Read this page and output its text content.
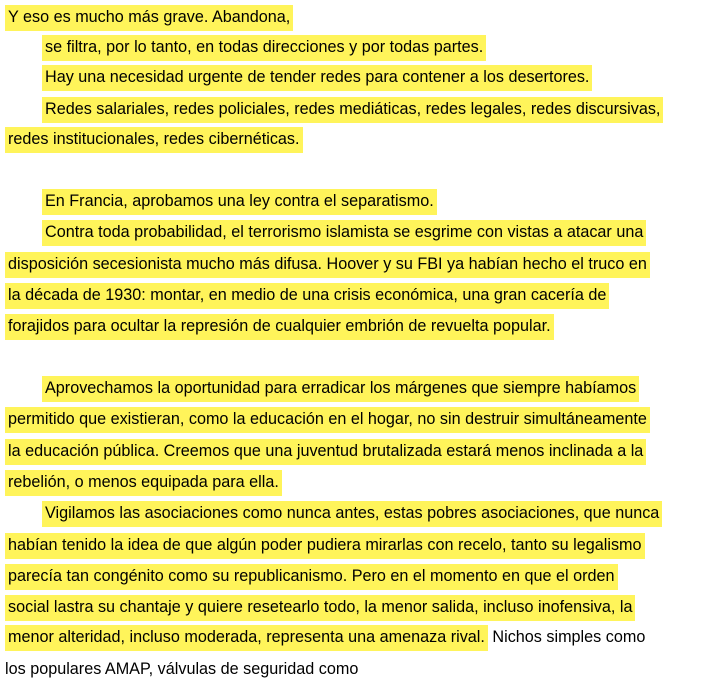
Y eso es mucho más grave. Abandona,
se filtra, por lo tanto, en todas direcciones y por todas partes.
Hay una necesidad urgente de tender redes para contener a los desertores.
Redes salariales, redes policiales, redes mediáticas, redes legales, redes discursivas,
redes institucionales, redes cibernéticas.
En Francia, aprobamos una ley contra el separatismo.
Contra toda probabilidad, el terrorismo islamista se esgrime con vistas a atacar una
disposición secesionista mucho más difusa. Hoover y su FBI ya habían hecho el truco en
la década de 1930: montar, en medio de una crisis económica, una gran cacería de
forajidos para ocultar la represión de cualquier embrión de revuelta popular.
Aprovechamos la oportunidad para erradicar los márgenes que siempre habíamos
permitido que existieran, como la educación en el hogar, no sin destruir simultáneamente
la educación pública. Creemos que una juventud brutalizada estará menos inclinada a la
rebelión, o menos equipada para ella.
Vigilamos las asociaciones como nunca antes, estas pobres asociaciones, que nunca
habían tenido la idea de que algún poder pudiera mirarlas con recelo, tanto su legalismo
parecía tan congénito como su republicanismo. Pero en el momento en que el orden
social lastra su chantaje y quiere resetearlo todo, la menor salida, incluso inofensiva, la
menor alteridad, incluso moderada, representa una amenaza rival. Nichos simples como
los populares AMAP, válvulas de seguridad como
